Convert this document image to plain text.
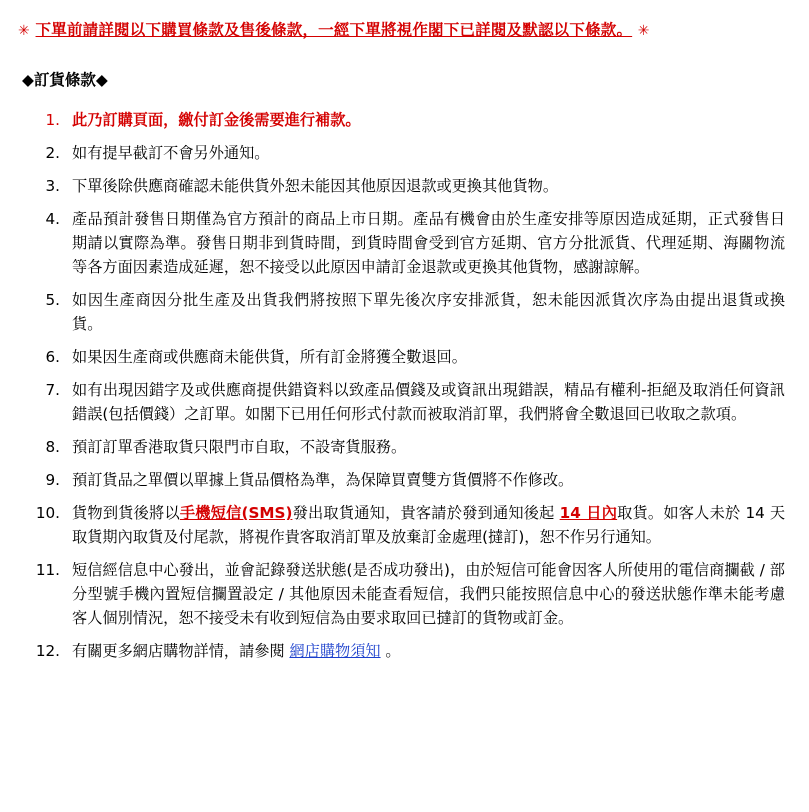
✳ 下單前請詳閱以下購買條款及售後條款，一經下單將視作閣下已詳閱及默認以下條款。 ✳
◆訂貨條款◆
此乃訂購頁面，繳付訂金後需要進行補款。
如有提早截訂不會另外通知。
下單後除供應商確認未能供貨外恕未能因其他原因退款或更換其他貨物。
產品預計發售日期僅為官方預計的商品上市日期。產品有機會由於生產安排等原因造成延期，正式發售日期請以實際為準。發售日期非到貨時間，到貨時間會受到官方延期、官方分批派貨、代理延期、海關物流等各方面因素造成延遲，恕不接受以此原因申請訂金退款或更換其他貨物，感謝諒解。
如因生產商因分批生產及出貨我們將按照下單先後次序安排派貨，恕未能因派貨次序為由提出退貨或換貨。
如果因生產商或供應商未能供貨，所有訂金將獲全數退回。
如有出現因錯字及或供應商提供錯資料以致產品價錢及或資訊出現錯誤，精品有權利-拒絕及取消任何資訊錯誤(包括價錢）之訂單。如閣下已用任何形式付款而被取消訂單，我們將會全數退回已收取之款項。
預訂訂單香港取貨只限門市自取，不設寄貨服務。
預訂貨品之單價以單據上貨品價格為準，為保障買賣雙方貨價將不作修改。
貨物到貨後將以手機短信(SMS)發出取貨通知，貴客請於發到通知後起 14 日內取貨。如客人未於 14 天取貨期內取貨及付尾款，將視作貴客取消訂單及放棄訂金處理(撻訂)，恕不作另行通知。
短信經信息中心發出，並會記錄發送狀態(是否成功發出)，由於短信可能會因客人所使用的電信商攔截 / 部分型號手機內置短信攔置設定 / 其他原因未能查看短信，我們只能按照信息中心的發送狀態作準未能考慮客人個別情況，恕不接受未有收到短信為由要求取回已撻訂的貨物或訂金。
有關更多網店購物詳情，請參閱 網店購物須知 。
